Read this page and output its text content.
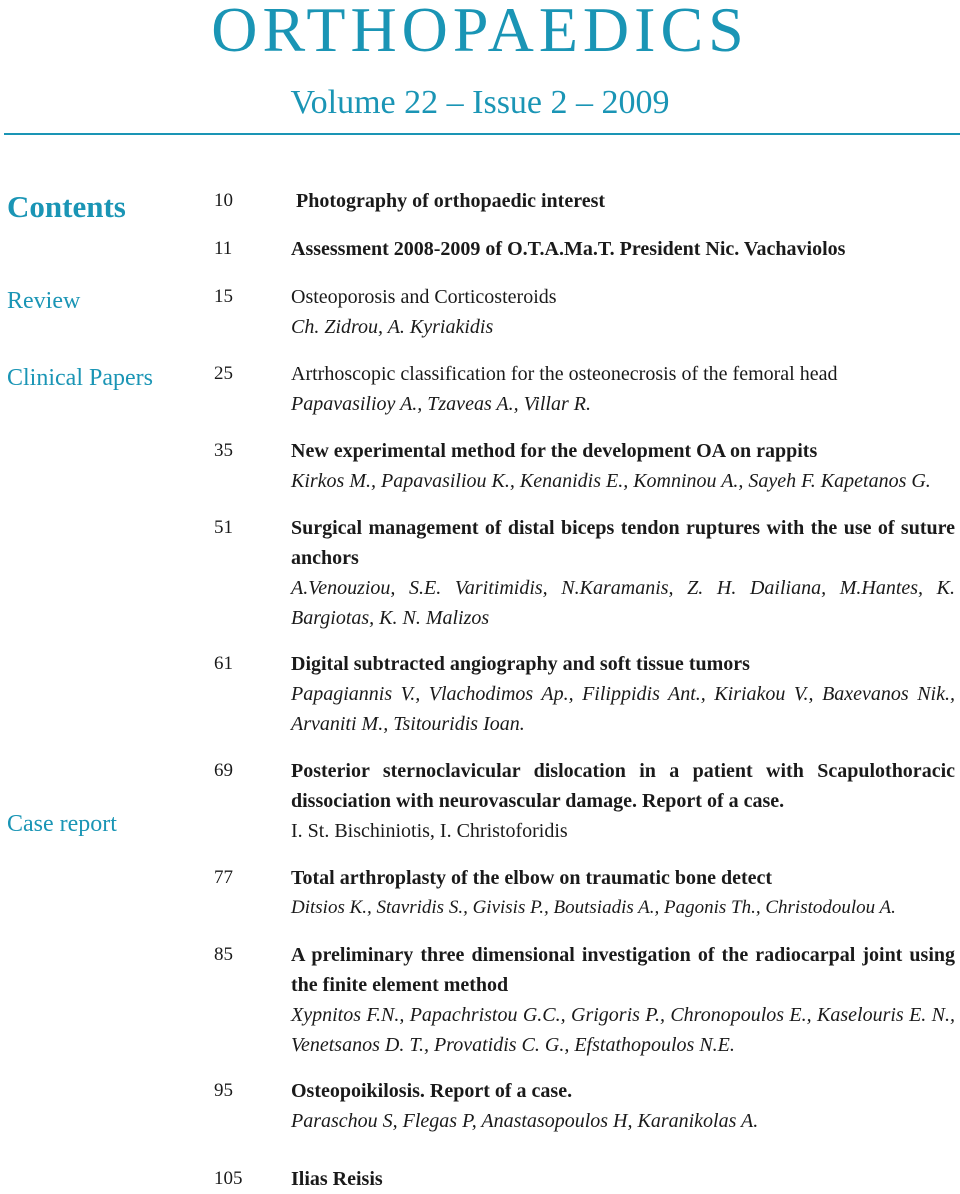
ORTHOPAEDICS
Volume 22 – Issue 2 – 2009
Contents
Review
Clinical Papers
Case report
10	Photography of orthopaedic interest
11	Assessment 2008-2009 of O.T.A.Ma.T. President Nic. Vachaviolos
15	Osteoporosis and Corticosteroids
Ch. Zidrou, A. Kyriakidis
25	Artrhoscopic classification for the osteonecrosis of the femoral head
Papavasilioy A., Tzaveas A., Villar R.
35	New experimental method for the development OA on rappits
Kirkos M., Papavasiliou K., Kenanidis E., Komninou A., Sayeh F. Kapetanos G.
51	Surgical management of distal biceps tendon ruptures with the use of suture anchors
A.Venouziou, S.E. Varitimidis, N.Karamanis, Z. H. Dailiana, M.Hantes, K. Bargiotas, K. N. Malizos
61	Digital subtracted angiography and soft tissue tumors
Papagiannis V., Vlachodimos Ap., Filippidis Ant., Kiriakou V., Baxevanos Nik., Arvaniti M., Tsitouridis Ioan.
69	Posterior sternoclavicular dislocation in a patient with Scapulothoracic dissociation with neurovascular damage. Report of a case.
I. St. Bischiniotis, I. Christoforidis
77	Total arthroplasty of the elbow on traumatic bone detect
Ditsios K., Stavridis S., Givisis P., Boutsiadis A., Pagonis Th., Christodoulou A.
85	A preliminary three dimensional investigation of the radiocarpal joint using the finite element method
Xypnitos F.N., Papachristou G.C., Grigoris P., Chronopoulos E., Kaselouris E. N., Venetsanos D. T., Provatidis C. G., Efstathopoulos N.E.
95	Osteopoikilosis. Report of a case.
Paraschou S, Flegas P, Anastasopoulos H, Karanikolas A.
105 Ilias Reisis
